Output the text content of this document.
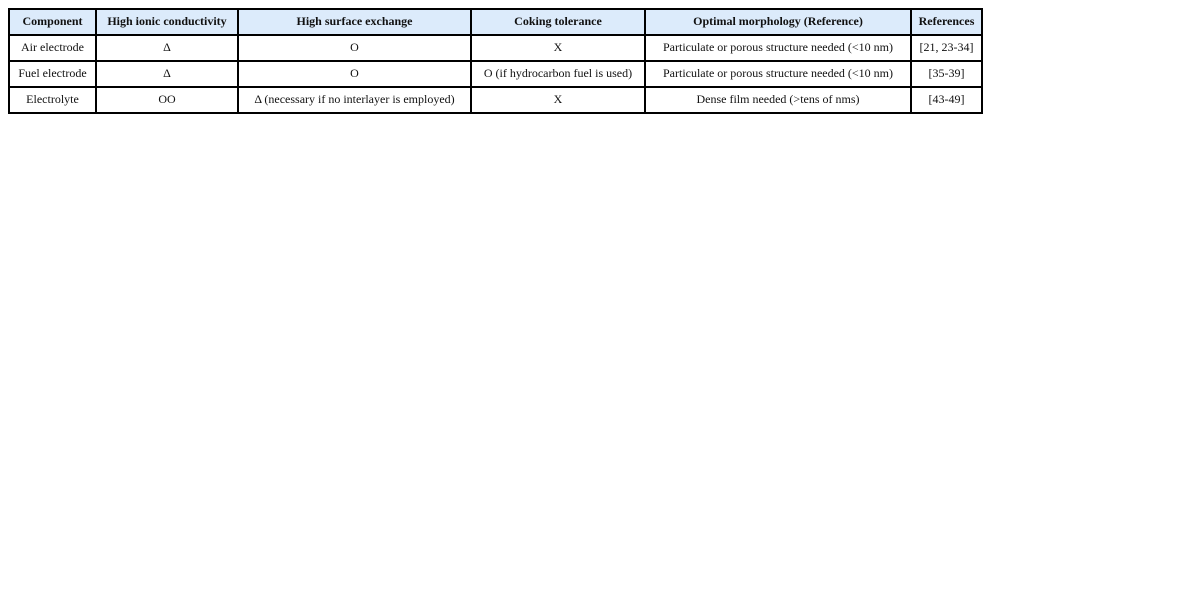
Component	High ionic conductivity	High surface exchange	Coking tolerance	Optimal morphology (Reference)	References
Air electrode	Δ	O	X	Particulate or porous structure needed (<10 nm)	[21, 23-34]
Fuel electrode	Δ	O	O (if hydrocarbon fuel is used)	Particulate or porous structure needed (<10 nm)	[35-39]
Electrolyte	OO	Δ (necessary if no interlayer is employed)	X	Dense film needed (>tens of nms)	[43-49]
